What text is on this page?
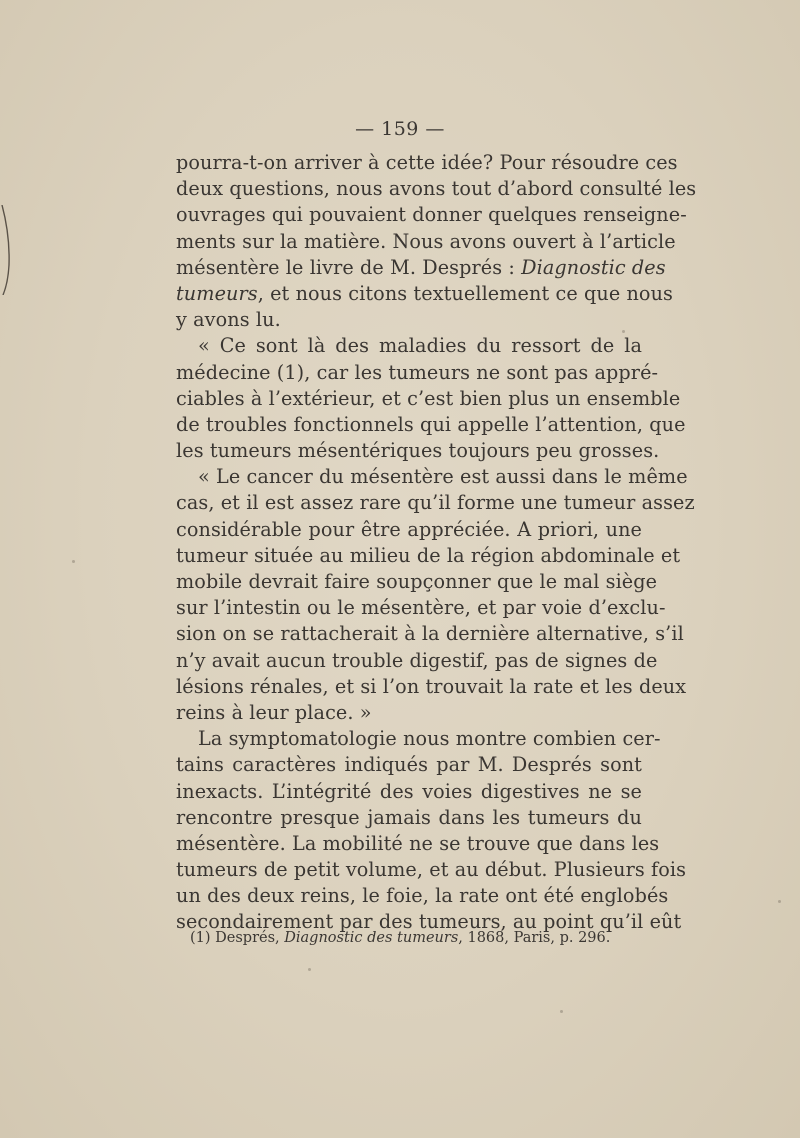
— 159 —
pourra-t-on arriver à cette idée? Pour résoudre ces
deux questions, nous avons tout d’abord consulté les
ouvrages qui pouvaient donner quelques renseigne-
ments sur la matière. Nous avons ouvert à l’article
mésentère le livre de M. Després : Diagnostic des
tumeurs, et nous citons textuellement ce que nous
y avons lu.
« Ce sont là des maladies du ressort de la
médecine (1), car les tumeurs ne sont pas appré-
ciables à l’extérieur, et c’est bien plus un ensemble
de troubles fonctionnels qui appelle l’attention, que
les tumeurs mésentériques toujours peu grosses.
« Le cancer du mésentère est aussi dans le même
cas, et il est assez rare qu’il forme une tumeur assez
considérable pour être appréciée. A priori, une
tumeur située au milieu de la région abdominale et
mobile devrait faire soupçonner que le mal siège
sur l’intestin ou le mésentère, et par voie d’exclu-
sion on se rattacherait à la dernière alternative, s’il
n’y avait aucun trouble digestif, pas de signes de
lésions rénales, et si l’on trouvait la rate et les deux
reins à leur place. »
La symptomatologie nous montre combien cer-
tains caractères indiqués par M. Després sont
inexacts. L’intégrité des voies digestives ne se
rencontre presque jamais dans les tumeurs du
mésentère. La mobilité ne se trouve que dans les
tumeurs de petit volume, et au début. Plusieurs fois
un des deux reins, le foie, la rate ont été englobés
secondairement par des tumeurs, au point qu’il eût
(1) Després, Diagnostic des tumeurs, 1868, Paris, p. 296.
